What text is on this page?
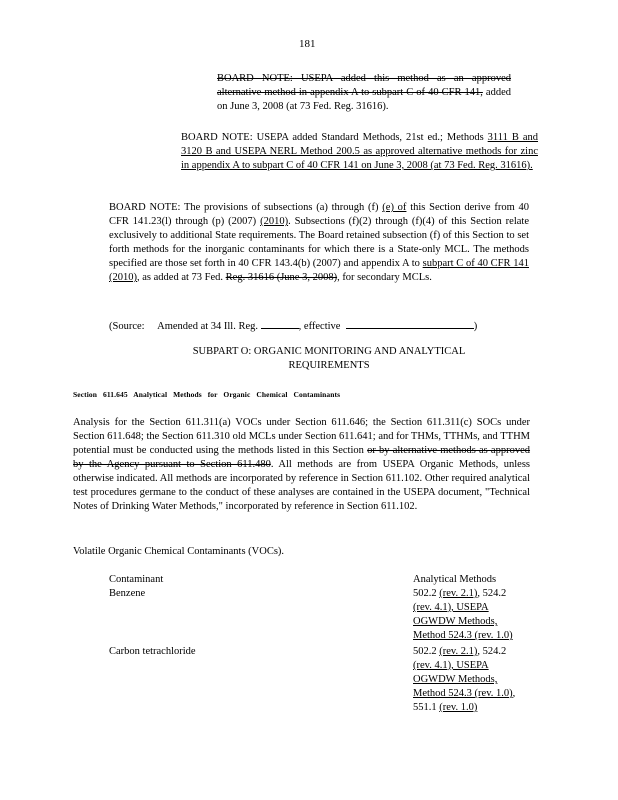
181
BOARD NOTE: USEPA added this method as an approved alternative method in appendix A to subpart C of 40 CFR 141, added on June 3, 2008 (at 73 Fed. Reg. 31616).
BOARD NOTE: USEPA added Standard Methods, 21st ed.; Methods 3111 B and 3120 B and USEPA NERL Method 200.5 as approved alternative methods for zinc in appendix A to subpart C of 40 CFR 141 on June 3, 2008 (at 73 Fed. Reg. 31616).
BOARD NOTE: The provisions of subsections (a) through (f) (e) of this Section derive from 40 CFR 141.23(l) through (p) (2007) (2010). Subsections (f)(2) through (f)(4) of this Section relate exclusively to additional State requirements. The Board retained subsection (f) of this Section to set forth methods for the inorganic contaminants for which there is a State-only MCL. The methods specified are those set forth in 40 CFR 143.4(b) (2007) and appendix A to subpart C of 40 CFR 141 (2010), as added at 73 Fed. Reg. 31616 (June 3, 2008), for secondary MCLs.
(Source: Amended at 34 Ill. Reg.	, effective	)
SUBPART O: ORGANIC MONITORING AND ANALYTICAL
REQUIREMENTS
Section 611.645 Analytical Methods for Organic Chemical Contaminants
Analysis for the Section 611.311(a) VOCs under Section 611.646; the Section 611.311(c) SOCs under Section 611.648; the Section 611.310 old MCLs under Section 611.641; and for THMs, TTHMs, and TTHM potential must be conducted using the methods listed in this Section or by alternative methods as approved by the Agency pursuant to Section 611.480. All methods are from USEPA Organic Methods, unless otherwise indicated. All methods are incorporated by reference in Section 611.102. Other required analytical test procedures germane to the conduct of these analyses are contained in the USEPA document, "Technical Notes of Drinking Water Methods," incorporated by reference in Section 611.102.
Volatile Organic Chemical Contaminants (VOCs).
Contaminant	Analytical Methods
Benzene	502.2 (rev. 2.1), 524.2
(rev. 4.1), USEPA
OGWDW Methods,
Method 524.3 (rev. 1.0)
Carbon tetrachloride	502.2 (rev. 2.1), 524.2
(rev. 4.1), USEPA
OGWDW Methods,
Method 524.3 (rev. 1.0),
551.1 (rev. 1.0)
